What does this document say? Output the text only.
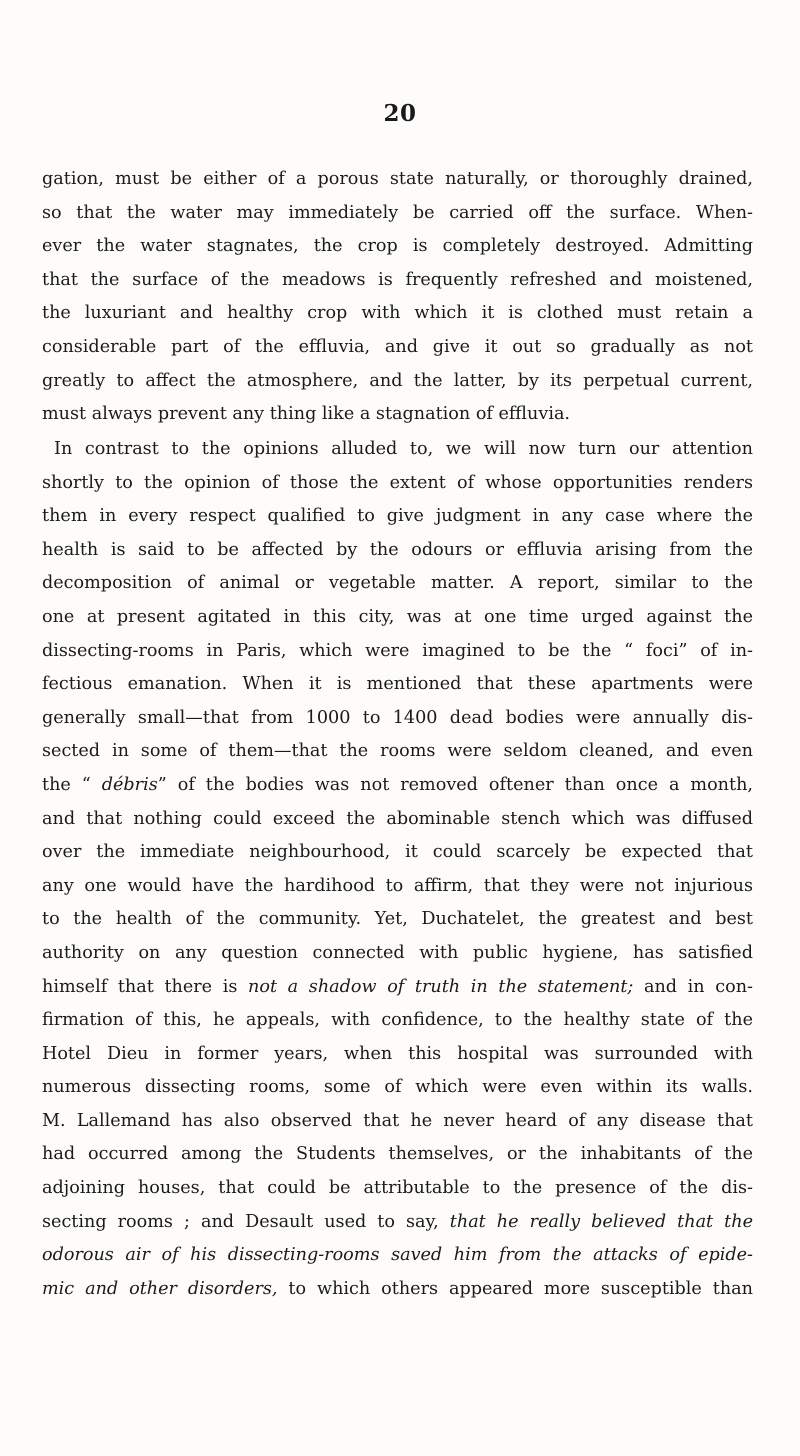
20
gation, must be either of a porous state naturally, or thoroughly drained,
so that the water may immediately be carried off the surface. When-
ever the water stagnates, the crop is completely destroyed. Admitting
that the surface of the meadows is frequently refreshed and moistened,
the luxuriant and healthy crop with which it is clothed must retain a
considerable part of the effluvia, and give it out so gradually as not
greatly to affect the atmosphere, and the latter, by its perpetual current,
must always prevent any thing like a stagnation of effluvia.
In contrast to the opinions alluded to, we will now turn our attention
shortly to the opinion of those the extent of whose opportunities renders
them in every respect qualified to give judgment in any case where the
health is said to be affected by the odours or effluvia arising from the
decomposition of animal or vegetable matter. A report, similar to the
one at present agitated in this city, was at one time urged against the
dissecting-rooms in Paris, which were imagined to be the “ foci” of in-
fectious emanation. When it is mentioned that these apartments were
generally small—that from 1000 to 1400 dead bodies were annually dis-
sected in some of them—that the rooms were seldom cleaned, and even
the “ débris” of the bodies was not removed oftener than once a month,
and that nothing could exceed the abominable stench which was diffused
over the immediate neighbourhood, it could scarcely be expected that
any one would have the hardihood to affirm, that they were not injurious
to the health of the community. Yet, Duchatelet, the greatest and best
authority on any question connected with public hygiene, has satisfied
himself that there is not a shadow of truth in the statement; and in con-
firmation of this, he appeals, with confidence, to the healthy state of the
Hotel Dieu in former years, when this hospital was surrounded with
numerous dissecting rooms, some of which were even within its walls.
M. Lallemand has also observed that he never heard of any disease that
had occurred among the Students themselves, or the inhabitants of the
adjoining houses, that could be attributable to the presence of the dis-
secting rooms ; and Desault used to say, that he really believed that the
odorous air of his dissecting-rooms saved him from the attacks of epide-
mic and other disorders, to which others appeared more susceptible than
